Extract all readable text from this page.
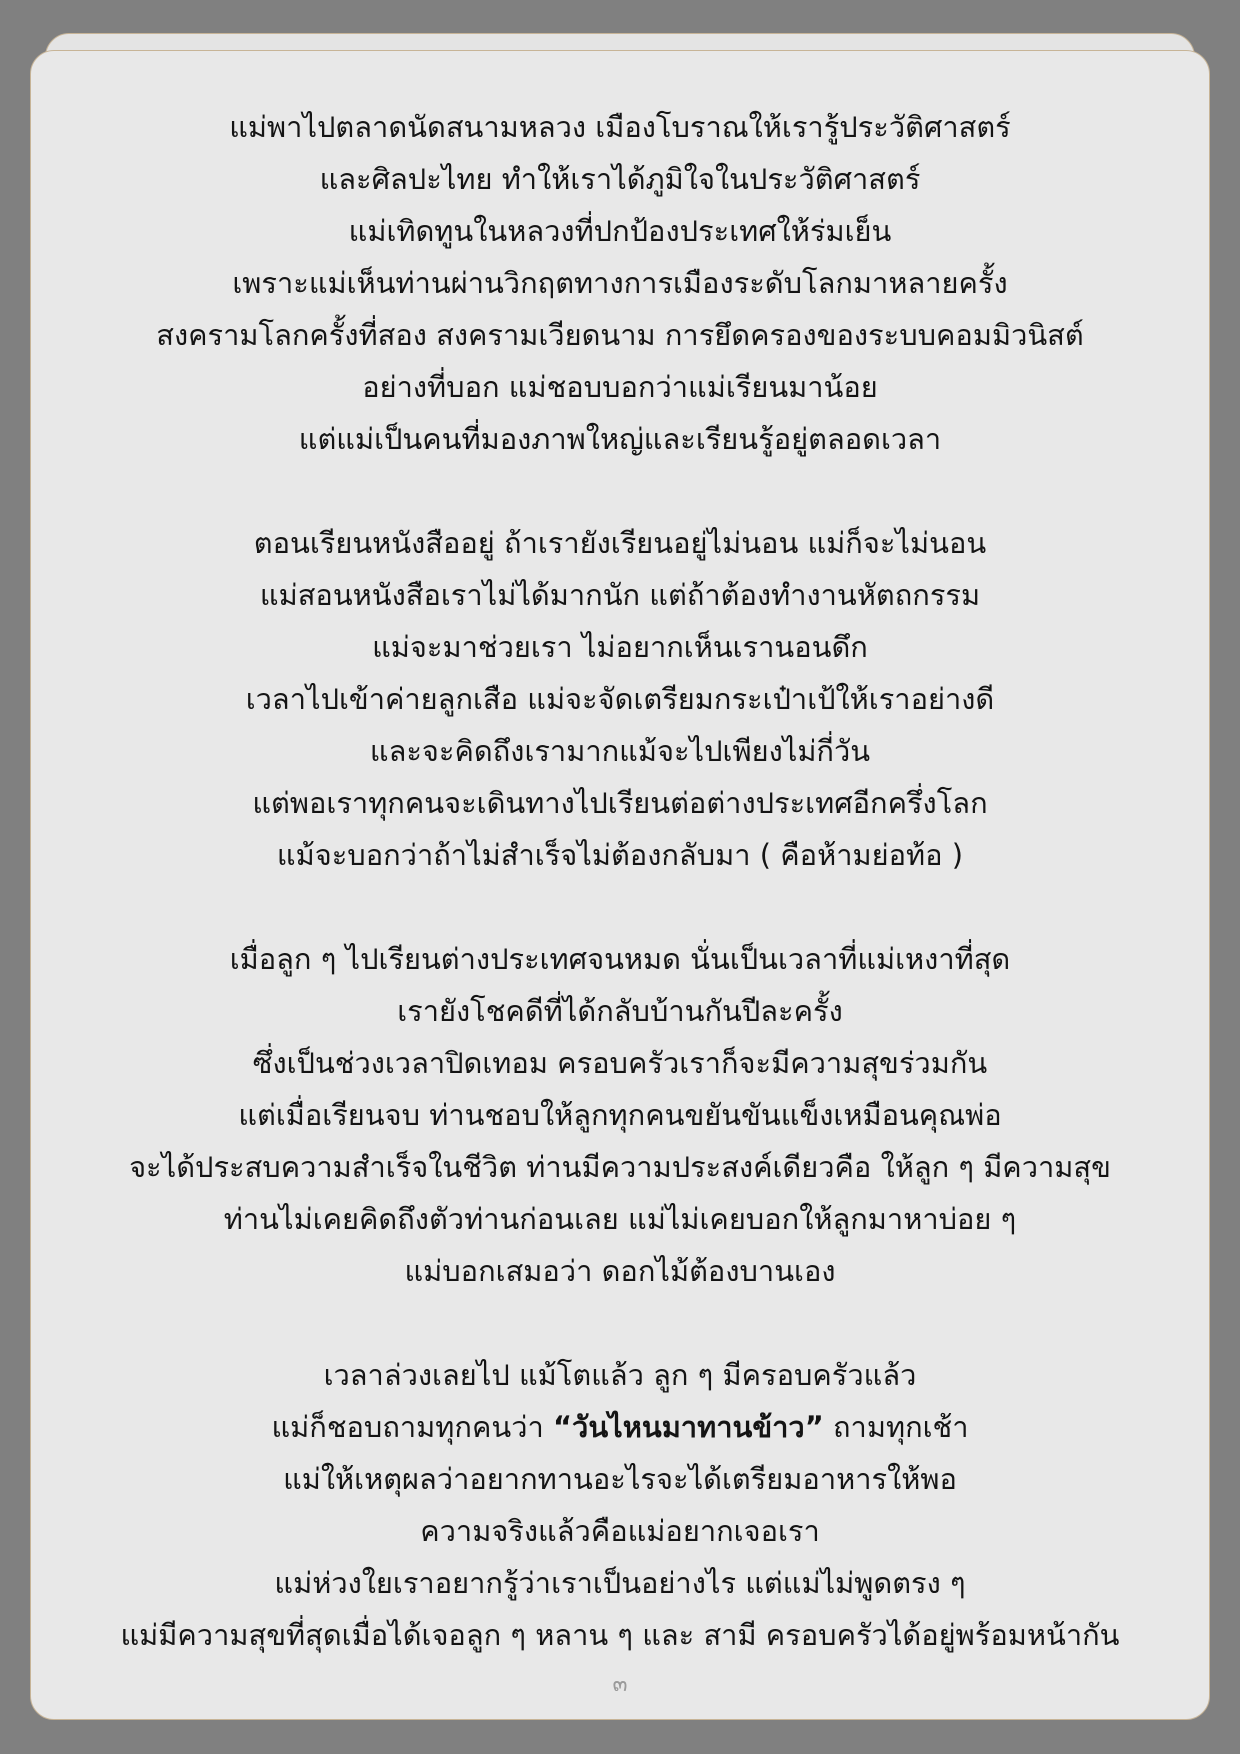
แม่พาไปตลาดนัดสนามหลวง เมืองโบราณให้เรารู้ประวัติศาสตร์
และศิลปะไทย ทำให้เราได้ภูมิใจในประวัติศาสตร์
แม่เทิดทูนในหลวงที่ปกป้องประเทศให้ร่มเย็น
เพราะแม่เห็นท่านผ่านวิกฤตทางการเมืองระดับโลกมาหลายครั้ง
สงครามโลกครั้งที่สอง สงครามเวียดนาม การยึดครองของระบบคอมมิวนิสต์
อย่างที่บอก แม่ชอบบอกว่าแม่เรียนมาน้อย
แต่แม่เป็นคนที่มองภาพใหญ่และเรียนรู้อยู่ตลอดเวลา
ตอนเรียนหนังสืออยู่ ถ้าเรายังเรียนอยู่ไม่นอน แม่ก็จะไม่นอน
แม่สอนหนังสือเราไม่ได้มากนัก แต่ถ้าต้องทำงานหัตถกรรม
แม่จะมาช่วยเรา ไม่อยากเห็นเรานอนดึก
เวลาไปเข้าค่ายลูกเสือ แม่จะจัดเตรียมกระเป๋าเป้ให้เราอย่างดี
และจะคิดถึงเรามากแม้จะไปเพียงไม่กี่วัน
แต่พอเราทุกคนจะเดินทางไปเรียนต่อต่างประเทศอีกครึ่งโลก
แม้จะบอกว่าถ้าไม่สำเร็จไม่ต้องกลับมา ( คือห้ามย่อท้อ )
เมื่อลูก ๆ ไปเรียนต่างประเทศจนหมด นั่นเป็นเวลาที่แม่เหงาที่สุด
เรายังโชคดีที่ได้กลับบ้านกันปีละครั้ง
ซึ่งเป็นช่วงเวลาปิดเทอม ครอบครัวเราก็จะมีความสุขร่วมกัน
แต่เมื่อเรียนจบ ท่านชอบให้ลูกทุกคนขยันขันแข็งเหมือนคุณพ่อ
จะได้ประสบความสำเร็จในชีวิต ท่านมีความประสงค์เดียวคือ ให้ลูก ๆ มีความสุข
ท่านไม่เคยคิดถึงตัวท่านก่อนเลย แม่ไม่เคยบอกให้ลูกมาหาบ่อย ๆ
แม่บอกเสมอว่า ดอกไม้ต้องบานเอง
เวลาล่วงเลยไป แม้โตแล้ว ลูก ๆ มีครอบครัวแล้ว
แม่ก็ชอบถามทุกคนว่า “วันไหนมาทานข้าว” ถามทุกเช้า
แม่ให้เหตุผลว่าอยากทานอะไรจะได้เตรียมอาหารให้พอ
ความจริงแล้วคือแม่อยากเจอเรา
แม่ห่วงใยเราอยากรู้ว่าเราเป็นอย่างไร แต่แม่ไม่พูดตรง ๆ
แม่มีความสุขที่สุดเมื่อได้เจอลูก ๆ หลาน ๆ และ สามี ครอบครัวได้อยู่พร้อมหน้ากัน
๓
